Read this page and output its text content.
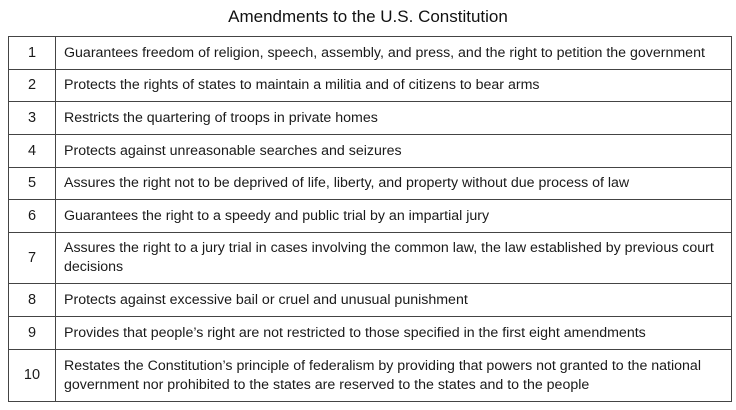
Amendments to the U.S. Constitution
1	Guarantees freedom of religion, speech, assembly, and press, and the right to petition the government
2	Protects the rights of states to maintain a militia and of citizens to bear arms
3	Restricts the quartering of troops in private homes
4	Protects against unreasonable searches and seizures
5	Assures the right not to be deprived of life, liberty, and property without due process of law
6	Guarantees the right to a speedy and public trial by an impartial jury
7	Assures the right to a jury trial in cases involving the common law, the law established by previous court decisions
8	Protects against excessive bail or cruel and unusual punishment
9	Provides that people’s right are not restricted to those specified in the first eight amendments
10	Restates the Constitution’s principle of federalism by providing that powers not granted to the national government nor prohibited to the states are reserved to the states and to the people
